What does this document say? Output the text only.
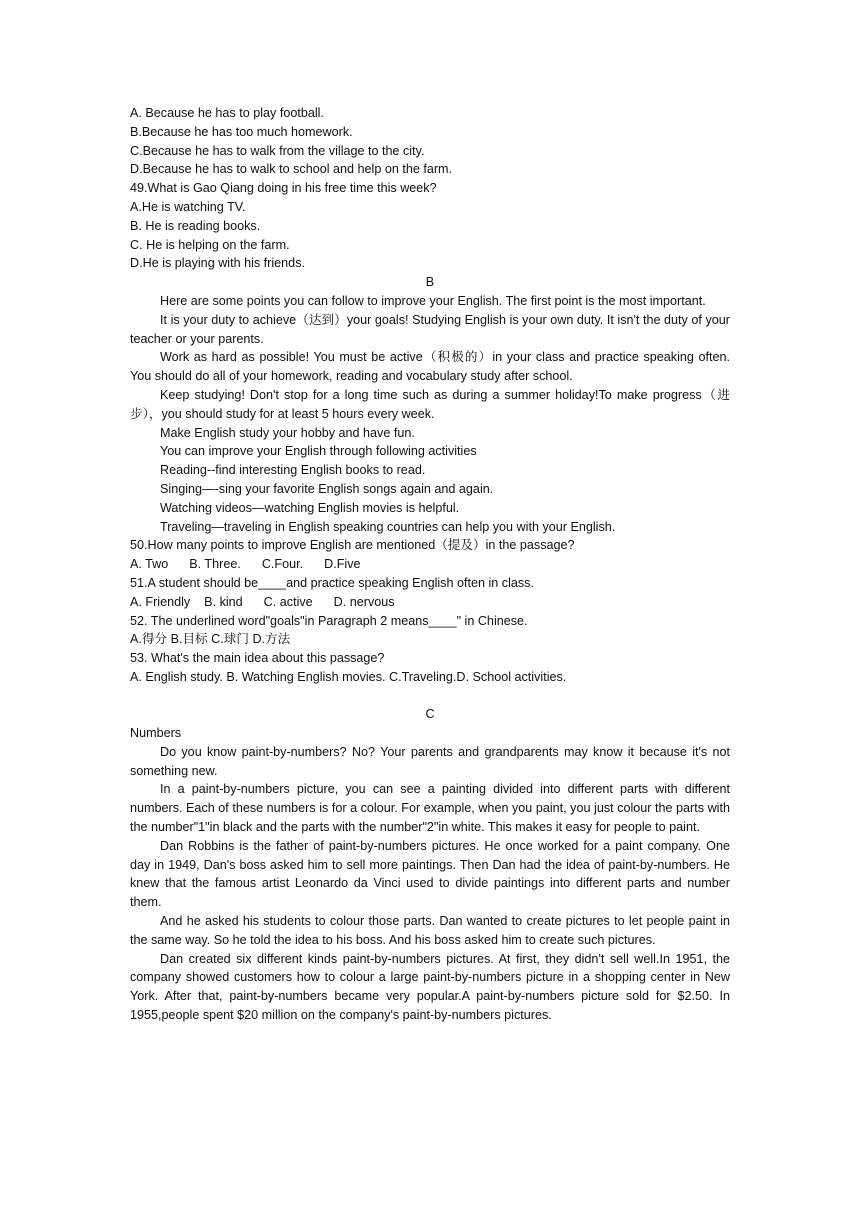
A. Because he has to play football.

B.Because he has too much homework.

C.Because he has to walk from the village to the city.

D.Because he has to walk to school and help on the farm.

49.What is Gao Qiang doing in his free time this week?

A.He is watching TV.

B. He is reading books.

C. He is helping on the farm.

D.He is playing with his friends.

B

Here are some points you can follow to improve your English. The first point is the most important.

It is your duty to achieve（达到）your goals! Studying English is your own duty. It isn't the duty of your teacher or your parents.

Work as hard as possible! You must be active（积极的）in your class and practice speaking often. You should do all of your homework, reading and vocabulary study after school.

Keep studying! Don't stop for a long time such as during a summer holiday!To make progress（进步），you should study for at least 5 hours every week.

Make English study your hobby and have fun.

You can improve your English through following activities

Reading--find interesting English books to read.

Singing—-sing your favorite English songs again and again.

Watching videos—watching English movies is helpful.

Traveling—traveling in English speaking countries can help you with your English.

50.How many points to improve English are mentioned（提及）in the passage?

A. Two      B. Three.      C.Four.      D.Five

51.A student should be____and practice speaking English often in class.

A. Friendly    B. kind      C. active      D. nervous

52. The underlined word"goals"in Paragraph 2 means____" in Chinese.

A.得分 B.目标 C.球门 D.方法

53. What's the main idea about this passage?

A. English study. B. Watching English movies. C.Traveling.D. School activities.

C

Numbers

Do you know paint-by-numbers? No? Your parents and grandparents may know it because it's not something new.

In a paint-by-numbers picture, you can see a painting divided into different parts with different numbers. Each of these numbers is for a colour. For example, when you paint, you just colour the parts with the number"1"in black and the parts with the number"2"in white. This makes it easy for people to paint.

Dan Robbins is the father of paint-by-numbers pictures. He once worked for a paint company. One day in 1949, Dan's boss asked him to sell more paintings. Then Dan had the idea of paint-by-numbers. He knew that the famous artist Leonardo da Vinci used to divide paintings into different parts and number them.

And he asked his students to colour those parts. Dan wanted to create pictures to let people paint in the same way. So he told the idea to his boss. And his boss asked him to create such pictures.

Dan created six different kinds paint-by-numbers pictures. At first, they didn't sell well.In 1951, the company showed customers how to colour a large paint-by-numbers picture in a shopping center in New York. After that, paint-by-numbers became very popular.A paint-by-numbers picture sold for $2.50. In 1955,people spent $20 million on the company's paint-by-numbers pictures.
